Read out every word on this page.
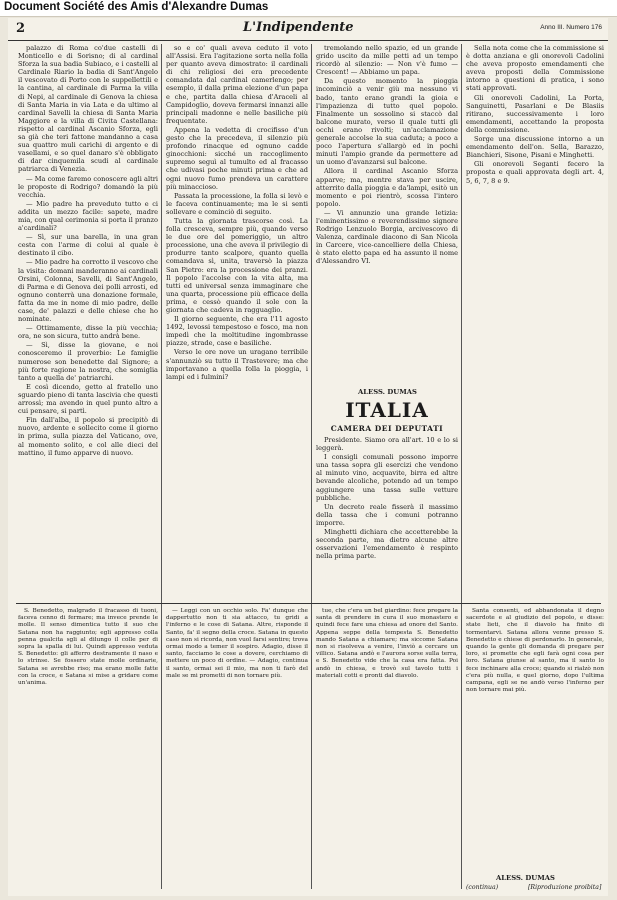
Document Société des Amis d'Alexandre Dumas
2	L'Indipendente	Anno III. Numero 176

palazzo di Roma co'due castelli di Monticello e di Sorisno; di al cardinal Sforza la sua badia Subiaco, e i castelli al Cardinale Riario la badia di Sant'Angelo il vescovato di Porto con le suppellettili e la cantina, al cardinale di Parma la villa di Nepi, al cardinale di Genova la chiesa di Santa Maria in via Lata e da ultimo al cardinal Savelli la chiesa di Santa Maria Maggiore e la villa di Civita Castellana: rispetto al cardinal Ascanio Sforza, egli sa già che teri fattone mandanno a casa sua quattro muli carichi di argento e di vasellami, e so quel danaro s'è obbligato di dar cinquemila scudi al cardinale patriarca di Venezia.

— Ma come faremo conoscere agli altri le proposte di Rodrigo? domandò la più vecchia.

— Mio padre ha preveduto tutto e ci addita un mezzo facile: sapete, madre mia, con qual cerimonia si porta il pranzo a'cardinali?

— Sì, sur una barella, in una gran cesta con l'arme di colui al quale è destinato il cibo.

— Mio padre ha corrotto il vescovo che la visita: domani manderanno ai cardinali Orsini, Colonna, Savelli, di Sant'Angelo, di Parma e di Genova dei polli arrosti, ed ognuno conterrà una donazione formale, fatta da me in nome di mio padre, delle case, de' palazzi e delle chiese che ho nominate.

— Ottimamente, disse la più vecchia; ora, ne son sicura, tutto andrà bene.

— Sì, disse la giovane, e noi conosceremo il proverbio: Le famiglie numerose son benedette dal Signore; a più forte ragione la nostra, che somiglia tanto a quella de' patriarchi.

E così dicendo, getto al fratello uno sguardo pieno di tanta lascivia che questi arrossì; ma avendo in quel punto altro a cui pensare, si partì.

Fin dall'alba, il popolo si precipitò di nuovo, ardente e sollecito come il giorno in prima, sulla piazza del Vaticano, ove, al momento solito, e col alle dieci del mattino, il fumo apparve di nuovo.

so e co' quali aveva ceduto il voto all'Assisi. Era l'agitazione sorta nella folla per quanto aveva dimostrato: il cardinali di chi religiosi dei era precedente comandata dal cardinal camerlengo; per esemplo, il dalla prima elezione d'un papa e che, partita dalla chiesa d'Araceli al Campidoglio, doveva fermarsi innanzi alle principali madonne e nelle basiliche più frequentate.

Appena la vedetta di crocifisso d'un gesto che la precedeva, il silenzio più profondo rinacque ed ognuno cadde ginocchioni: sicché un raccoglimento supremo seguì al tumulto ed al fracasso che udivasi poche minuti prima e che ad ogni nuovo fumo prendeva un carattere più minaccioso.

Passata la processione, la folla si levò e le faceva continuamente; ma le si senti sollevare e cominciò di seguito.

Tutta la giornata trascorse così. La folla cresceva, sempre più, quando verso le due ore del pomeriggio, un altro processione, una che aveva il privilegio di produrre tanto scalpore, quanto quella comandava sì, unita, traversò la piazza San Pietro: era la processione dei pranzi. Il popolo l'accolse con la vita alta, ma tutti ed universal senza immaginare che una quarta, processione più efficace della prima, e cessò quando il sole con la giornata che cadeva in ragguaglio.

Il giorno seguente, che era l'11 agosto 1492, levossi tempestoso e fosco, ma non impedì che la moltitudine ingombrasse piazze, strade, case e basiliche.

Verso le ore nove un uragano terribile s'annunziò su tutto il Trastevere; ma che importavano a quella folla la pioggia, i lampi ed i fulmini?

tremolando nello spazio, ed un grande grido uscito da mille petti ad un tempo ricordò al silenzio: — Non v'è fumo — Crescent! — Abbiamo un papa.

Da questo momento la pioggia incominciò a venir giù ma nessuno vi bado, tanto erano grandi la gioia e l'impazienza di tutto quel popolo. Finalmente un sossolino si staccò dal balcone murato, verso il quale tutti gli occhi erano rivolti; un'acclamazione generale accolse la sua caduta; a poco a poco l'apertura s'allargò ed in pochi minuti l'ampio grande da permettere ad un uomo d'avanzarsi sul balcone.

Allora il cardinal Ascanio Sforza apparve; ma, mentre stava per uscire, atterrito dalla pioggia e da'lampi, esitò un momento e poi rientrò, scossa l'intero popolo.

— Vi annunzio una grande letizia: l'eminentissimo e reverendissimo signore Rodrigo Lenzuolo Borgia, arcivescovo di Valenza, cardinale diacono di San Nicola in Carcere, vice-cancelliere della Chiesa, è stato eletto papa ed ha assunto il nome d'Alessandro VI.

ALESS. DUMAS
ITALIA
CAMERA DEI DEPUTATI

Presidente. Siamo ora all'art. 10 e lo si leggerà.

I consigli comunali possono imporre una tassa sopra gli esercizi che vendono al minuto vino, acquavite, birra ed altre bevande alcoliche, potendo ad un tempo aggiungere una tassa sulle vetture pubbliche.

Un decreto reale fisserà il massimo della tassa che i comuni potranno imporre.

Minghetti dichiara che accetterebbe la seconda parte, ma dietro alcune altre osservazioni l'emendamento è respinto nella prima parte.

Sella nota come che la commissione si è dotta anziana e gli onorevoli Cadolini che aveva proposto emendamenti che aveva proposti della Commissione intorno a questioni di pratica, i sono stati approvati.

Gli onorevoli Cadolini, La Porta, Sanguinetti, Pasarlani e De Blasiis ritirano, successivamente i loro emendamenti, accettando la proposta della commissione.

Sorge una discussione intorno a un emendamento dell'on. Sella, Barazzo, Bianchieri, Sisone, Pisani e Minghetti.

Gli onorevoli Seganti fecero la proposta e quali approvata degli art. 4, 5, 6, 7, 8 e 9.

S. Benedetto, malgrado il fracasso di tuoni, faceva cenno di fermare; ma invece prende le molle. Il senso dimentica tutto il suo che Satana non ha raggiunto; egli appresso colla penna gualcita sgli al dilungo il colle per di sopra la spalla di lui. Quindi appresso veduta S. Benedetto: gli afferro destramente il naso e lo strinse. Se fossero state molle ordinarie, Satana se avrebbe riso; ma erano molle fatte con la croce, e Satana si mise a gridare come un'anima.

— Leggi con un occhio solo. Fa' dunque che dappertutto non ti sia attacco, tu gridi a l'inferno e le cose di Satana. Altre, risponde il Santo, fa' il segno della croce. Satana in questo caso non si ricorda, non vuol farsi sentire; trova ormai modo a temer il sospiro. Adagio, disse il santo, facciamo le cose a dovere, cerchiamo di mettere un poco di ordine. — Adagio, continua il santo, ormai sei il mio, ma non ti farò del male se mi prometti di non tornare più.

tue, che c'era un bel giardino: fece pregare la santa di prendere in cura il suo monastero e quindi fece fare una chiesa ad onore del Santo. Appena seppe della tempesta S. Benedetto mando Satana a chiamare; ma siccome Satana non si risolveva a venire, l'inviò a cercare un villico. Satana andò e l'aurora sorse sulla terra, e S. Benedetto vide che la casa era fatta. Poi andò in chiesa, e trovò sul tavolo tutti i materiali cotti e pronti dal diavolo.

Santa consentì, ed abbandonata il degno sacerdote e al giudizio del popolo, e disse: state lieti, che il diavolo ha finito di tormentarvi. Satana allora venne presso S. Benedetto e chiese di perdonarlo. In generale, quando la gente gli domanda di pregare per loro, si promette che egli farà ogni cosa per loro. Satana giunse al santo, ma il santo lo fece inchinare alla croce; quando si rialzò non c'era più nulla, e quel giorno, dopo l'ultima campana, egli se ne andò verso l'inferno per non tornare mai più.

ALESS. DUMAS
(continua)	[Riproduzione proibita]
